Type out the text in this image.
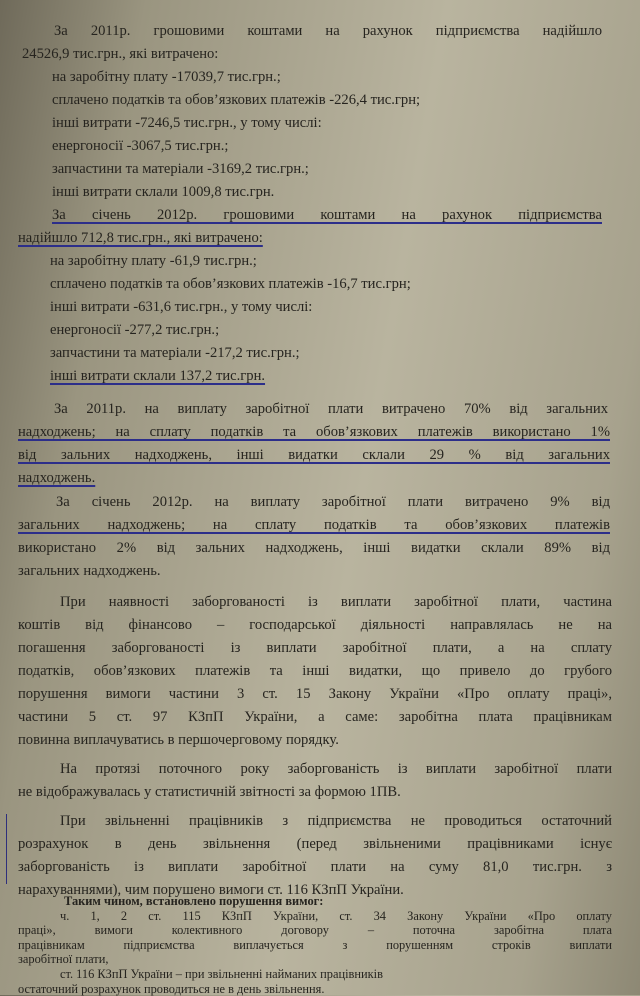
За 2011р. грошовими коштами на рахунок підприємства надійшло
24526,9 тис.грн., які витрачено:
на заробітну плату -17039,7 тис.грн.;
сплачено податків та обов’язкових платежів -226,4 тис.грн;
інші витрати -7246,5 тис.грн., у тому числі:
енергоносії -3067,5 тис.грн.;
запчастини та матеріали -3169,2 тис.грн.;
інші витрати склали 1009,8 тис.грн.
За січень 2012р. грошовими коштами на рахунок підприємства
надійшло 712,8 тис.грн., які витрачено:
на заробітну плату -61,9 тис.грн.;
сплачено податків та обов’язкових платежів -16,7 тис.грн;
інші витрати -631,6 тис.грн., у тому числі:
енергоносії -277,2 тис.грн.;
запчастини та матеріали -217,2 тис.грн.;
інші витрати склали 137,2 тис.грн.
За 2011р. на виплату заробітної плати витрачено 70% від загальних
надходжень; на сплату податків та обов’язкових платежів використано 1%
від зальних надходжень, інші видатки склали 29 % від загальних
надходжень.
За січень 2012р. на виплату заробітної плати витрачено 9% від
загальних надходжень; на сплату податків та обов’язкових платежів
використано 2% від зальних надходжень, інші видатки склали 89% від
загальних надходжень.
При наявності заборгованості із виплати заробітної плати, частина
коштів від фінансово – господарської діяльності направлялась не на
погашення заборгованості із виплати заробітної плати, а на сплату
податків, обов’язкових платежів та інші видатки, що привело до грубого
порушення вимоги частини 3 ст. 15 Закону України «Про оплату праці»,
частини 5 ст. 97 КЗпП України, а саме: заробітна плата працівникам
повинна виплачуватись в першочерговому порядку.
На протязі поточного року заборгованість із виплати заробітної плати
не відображувалась у статистичній звітності за формою 1ПВ.
При звільненні працівників з підприємства не проводиться остаточний
розрахунок в день звільнення (перед звільненими працівниками існує
заборгованість із виплати заробітної плати на суму 81,0 тис.грн. з
нарахуваннями), чим порушено вимоги ст. 116 КЗпП України.
Таким чином, встановлено порушення вимог:
ч. 1, 2 ст. 115 КЗпП України, ст. 34 Закону України «Про оплату
праці», вимоги колективного договору – поточна заробітна плата
працівникам підприємства виплачується з порушенням строків виплати
заробітної плати,
ст. 116 КЗпП України – при звільненні найманих працівників
остаточний розрахунок проводиться не в день звільнення.
